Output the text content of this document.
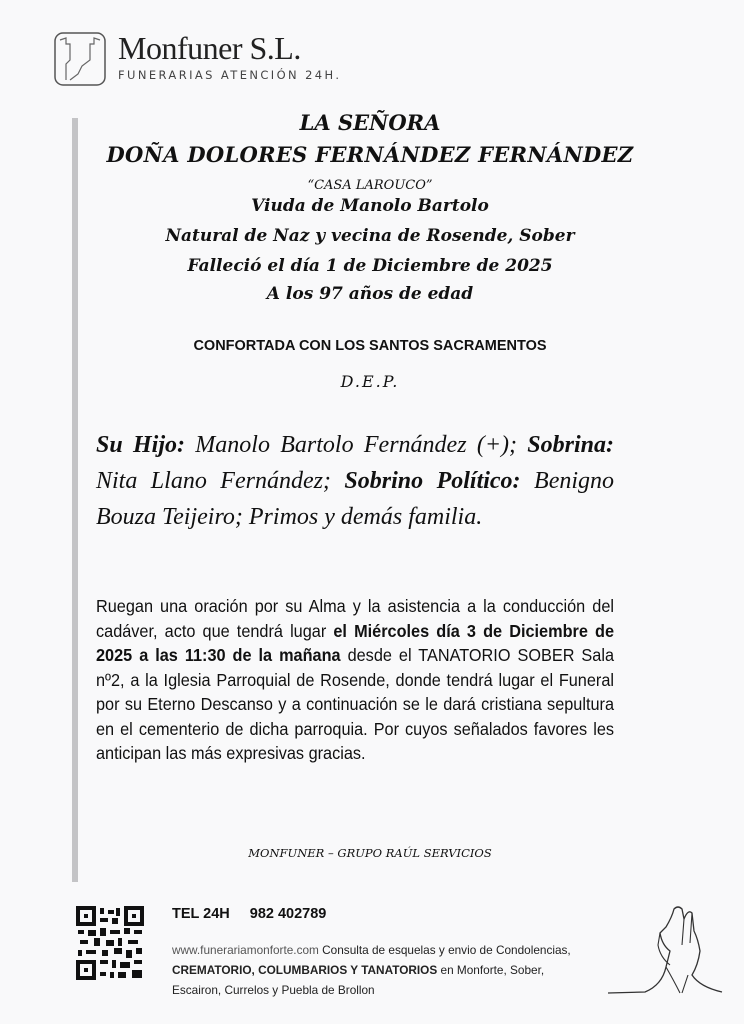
Monfuner S.L.
FUNERARIAS ATENCIÓN 24H.
LA SEÑORA
DOÑA DOLORES FERNÁNDEZ FERNÁNDEZ
“CASA LAROUCO”
Viuda de Manolo Bartolo
Natural de Naz y vecina de Rosende, Sober
Falleció el día 1 de Diciembre de 2025
A los 97 años de edad
CONFORTADA CON LOS SANTOS SACRAMENTOS
D.E.P.
Su Hijo: Manolo Bartolo Fernández (+); Sobrina: Nita Llano Fernández; Sobrino Político: Benigno Bouza Teijeiro; Primos y demás familia.
Ruegan una oración por su Alma y la asistencia a la conducción del cadáver, acto que tendrá lugar el Miércoles día 3 de Diciembre de 2025 a las 11:30 de la mañana desde el TANATORIO SOBER Sala nº2, a la Iglesia Parroquial de Rosende, donde tendrá lugar el Funeral por su Eterno Descanso y a continuación se le dará cristiana sepultura en el cementerio de dicha parroquia. Por cuyos señalados favores les anticipan las más expresivas gracias.
MONFUNER – GRUPO RAÚL SERVICIOS
TEL 24H 982 402789
www.funerariamonforte.com Consulta de esquelas y envio de Condolencias, CREMATORIO, COLUMBARIOS Y TANATORIOS en Monforte, Sober, Escairon, Currelos y Puebla de Brollon
